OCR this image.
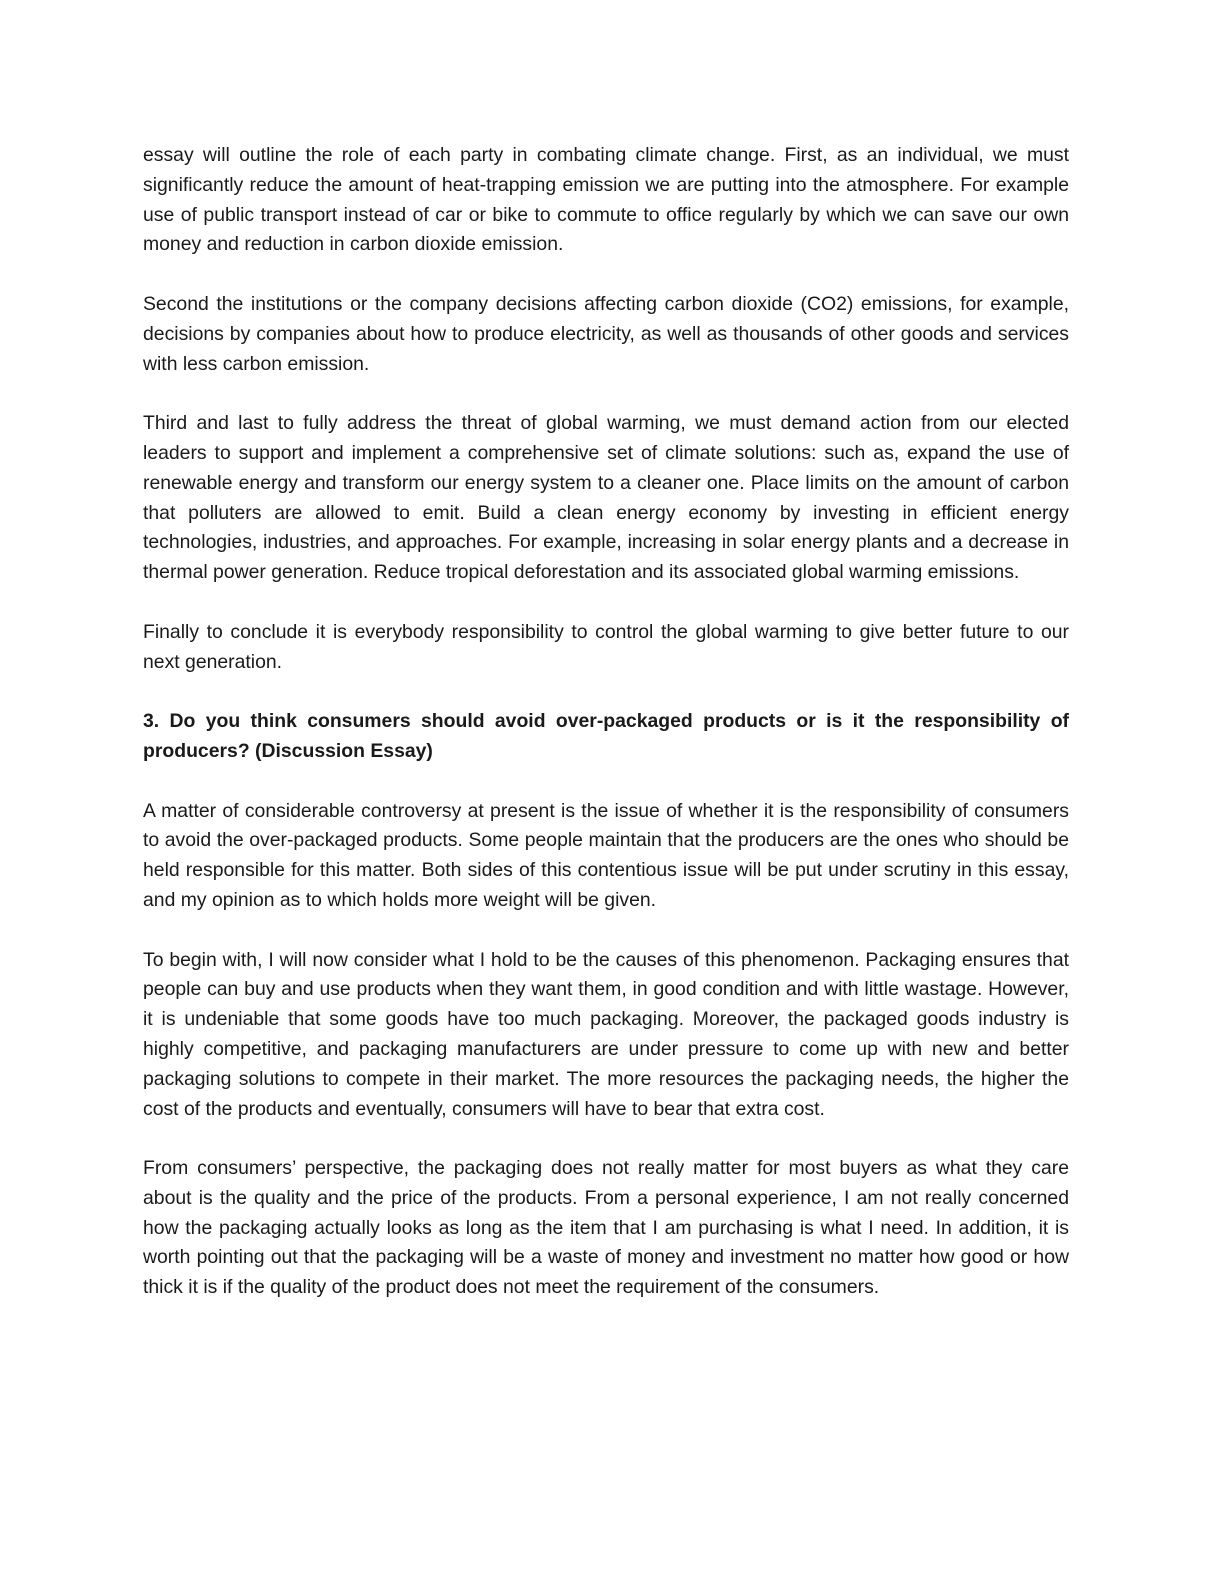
essay will outline the role of each party in combating climate change. First, as an individual, we must significantly reduce the amount of heat-trapping emission we are putting into the atmosphere. For example use of public transport instead of car or bike to commute to office regularly by which we can save our own money and reduction in carbon dioxide emission.

Second the institutions or the company decisions affecting carbon dioxide (CO2) emissions, for example, decisions by companies about how to produce electricity, as well as thousands of other goods and services with less carbon emission.

Third and last to fully address the threat of global warming, we must demand action from our elected leaders to support and implement a comprehensive set of climate solutions: such as, expand the use of renewable energy and transform our energy system to a cleaner one. Place limits on the amount of carbon that polluters are allowed to emit. Build a clean energy economy by investing in efficient energy technologies, industries, and approaches. For example, increasing in solar energy plants and a decrease in thermal power generation. Reduce tropical deforestation and its associated global warming emissions.

Finally to conclude it is everybody responsibility to control the global warming to give better future to our next generation.

3. Do you think consumers should avoid over-packaged products or is it the responsibility of producers? (Discussion Essay)

A matter of considerable controversy at present is the issue of whether it is the responsibility of consumers to avoid the over-packaged products. Some people maintain that the producers are the ones who should be held responsible for this matter. Both sides of this contentious issue will be put under scrutiny in this essay, and my opinion as to which holds more weight will be given.

To begin with, I will now consider what I hold to be the causes of this phenomenon. Packaging ensures that people can buy and use products when they want them, in good condition and with little wastage. However, it is undeniable that some goods have too much packaging. Moreover, the packaged goods industry is highly competitive, and packaging manufacturers are under pressure to come up with new and better packaging solutions to compete in their market. The more resources the packaging needs, the higher the cost of the products and eventually, consumers will have to bear that extra cost.

From consumers’ perspective, the packaging does not really matter for most buyers as what they care about is the quality and the price of the products. From a personal experience, I am not really concerned how the packaging actually looks as long as the item that I am purchasing is what I need. In addition, it is worth pointing out that the packaging will be a waste of money and investment no matter how good or how thick it is if the quality of the product does not meet the requirement of the consumers.
